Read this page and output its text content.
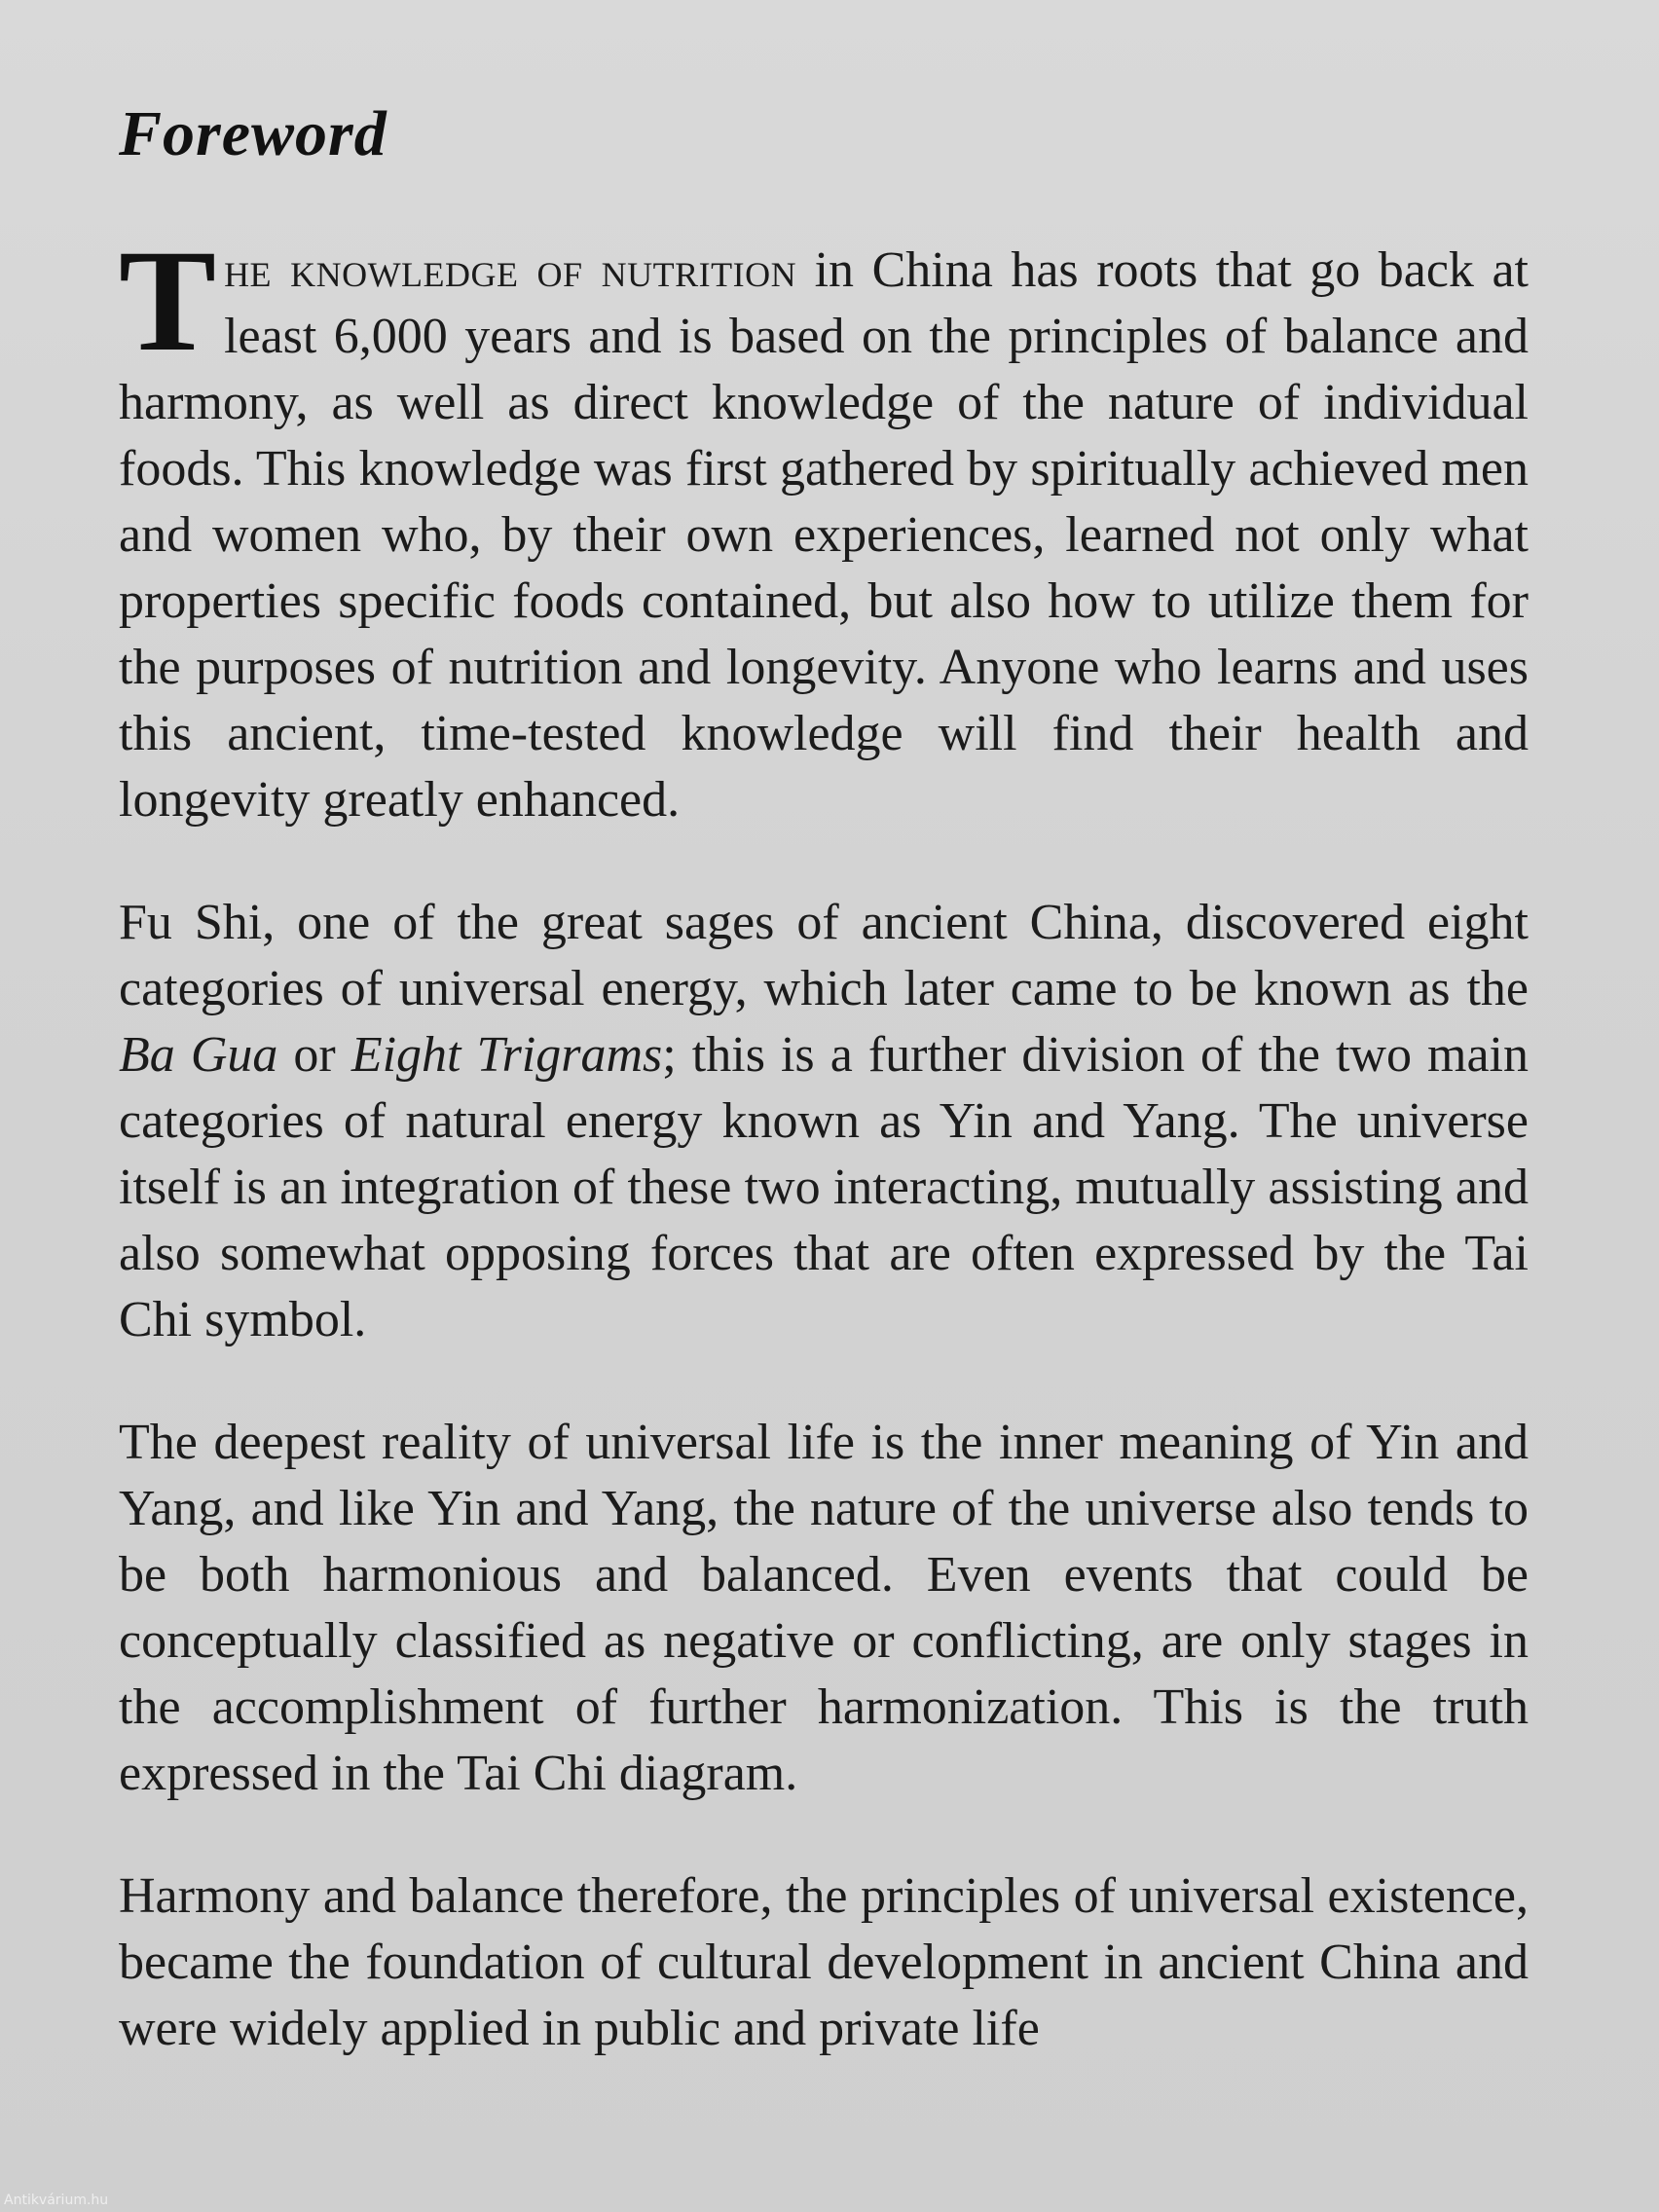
Foreword

The knowledge of nutrition in China has roots that go back at least 6,000 years and is based on the principles of balance and harmony, as well as direct knowledge of the nature of individual foods. This knowledge was first gathered by spiritually achieved men and women who, by their own experiences, learned not only what properties specific foods contained, but also how to utilize them for the purposes of nutrition and longevity. Anyone who learns and uses this ancient, time-tested knowledge will find their health and longevity greatly enhanced.

Fu Shi, one of the great sages of ancient China, discovered eight categories of universal energy, which later came to be known as the Ba Gua or Eight Trigrams; this is a further division of the two main categories of natural energy known as Yin and Yang. The universe itself is an integration of these two interacting, mutually assisting and also somewhat opposing forces that are often expressed by the Tai Chi symbol.

The deepest reality of universal life is the inner meaning of Yin and Yang, and like Yin and Yang, the nature of the universe also tends to be both harmonious and balanced. Even events that could be conceptually classified as negative or conflicting, are only stages in the accomplishment of further harmonization. This is the truth expressed in the Tai Chi diagram.

Harmony and balance therefore, the principles of universal existence, became the foundation of cultural development in ancient China and were widely applied in public and private life

Antikvárium.hu
